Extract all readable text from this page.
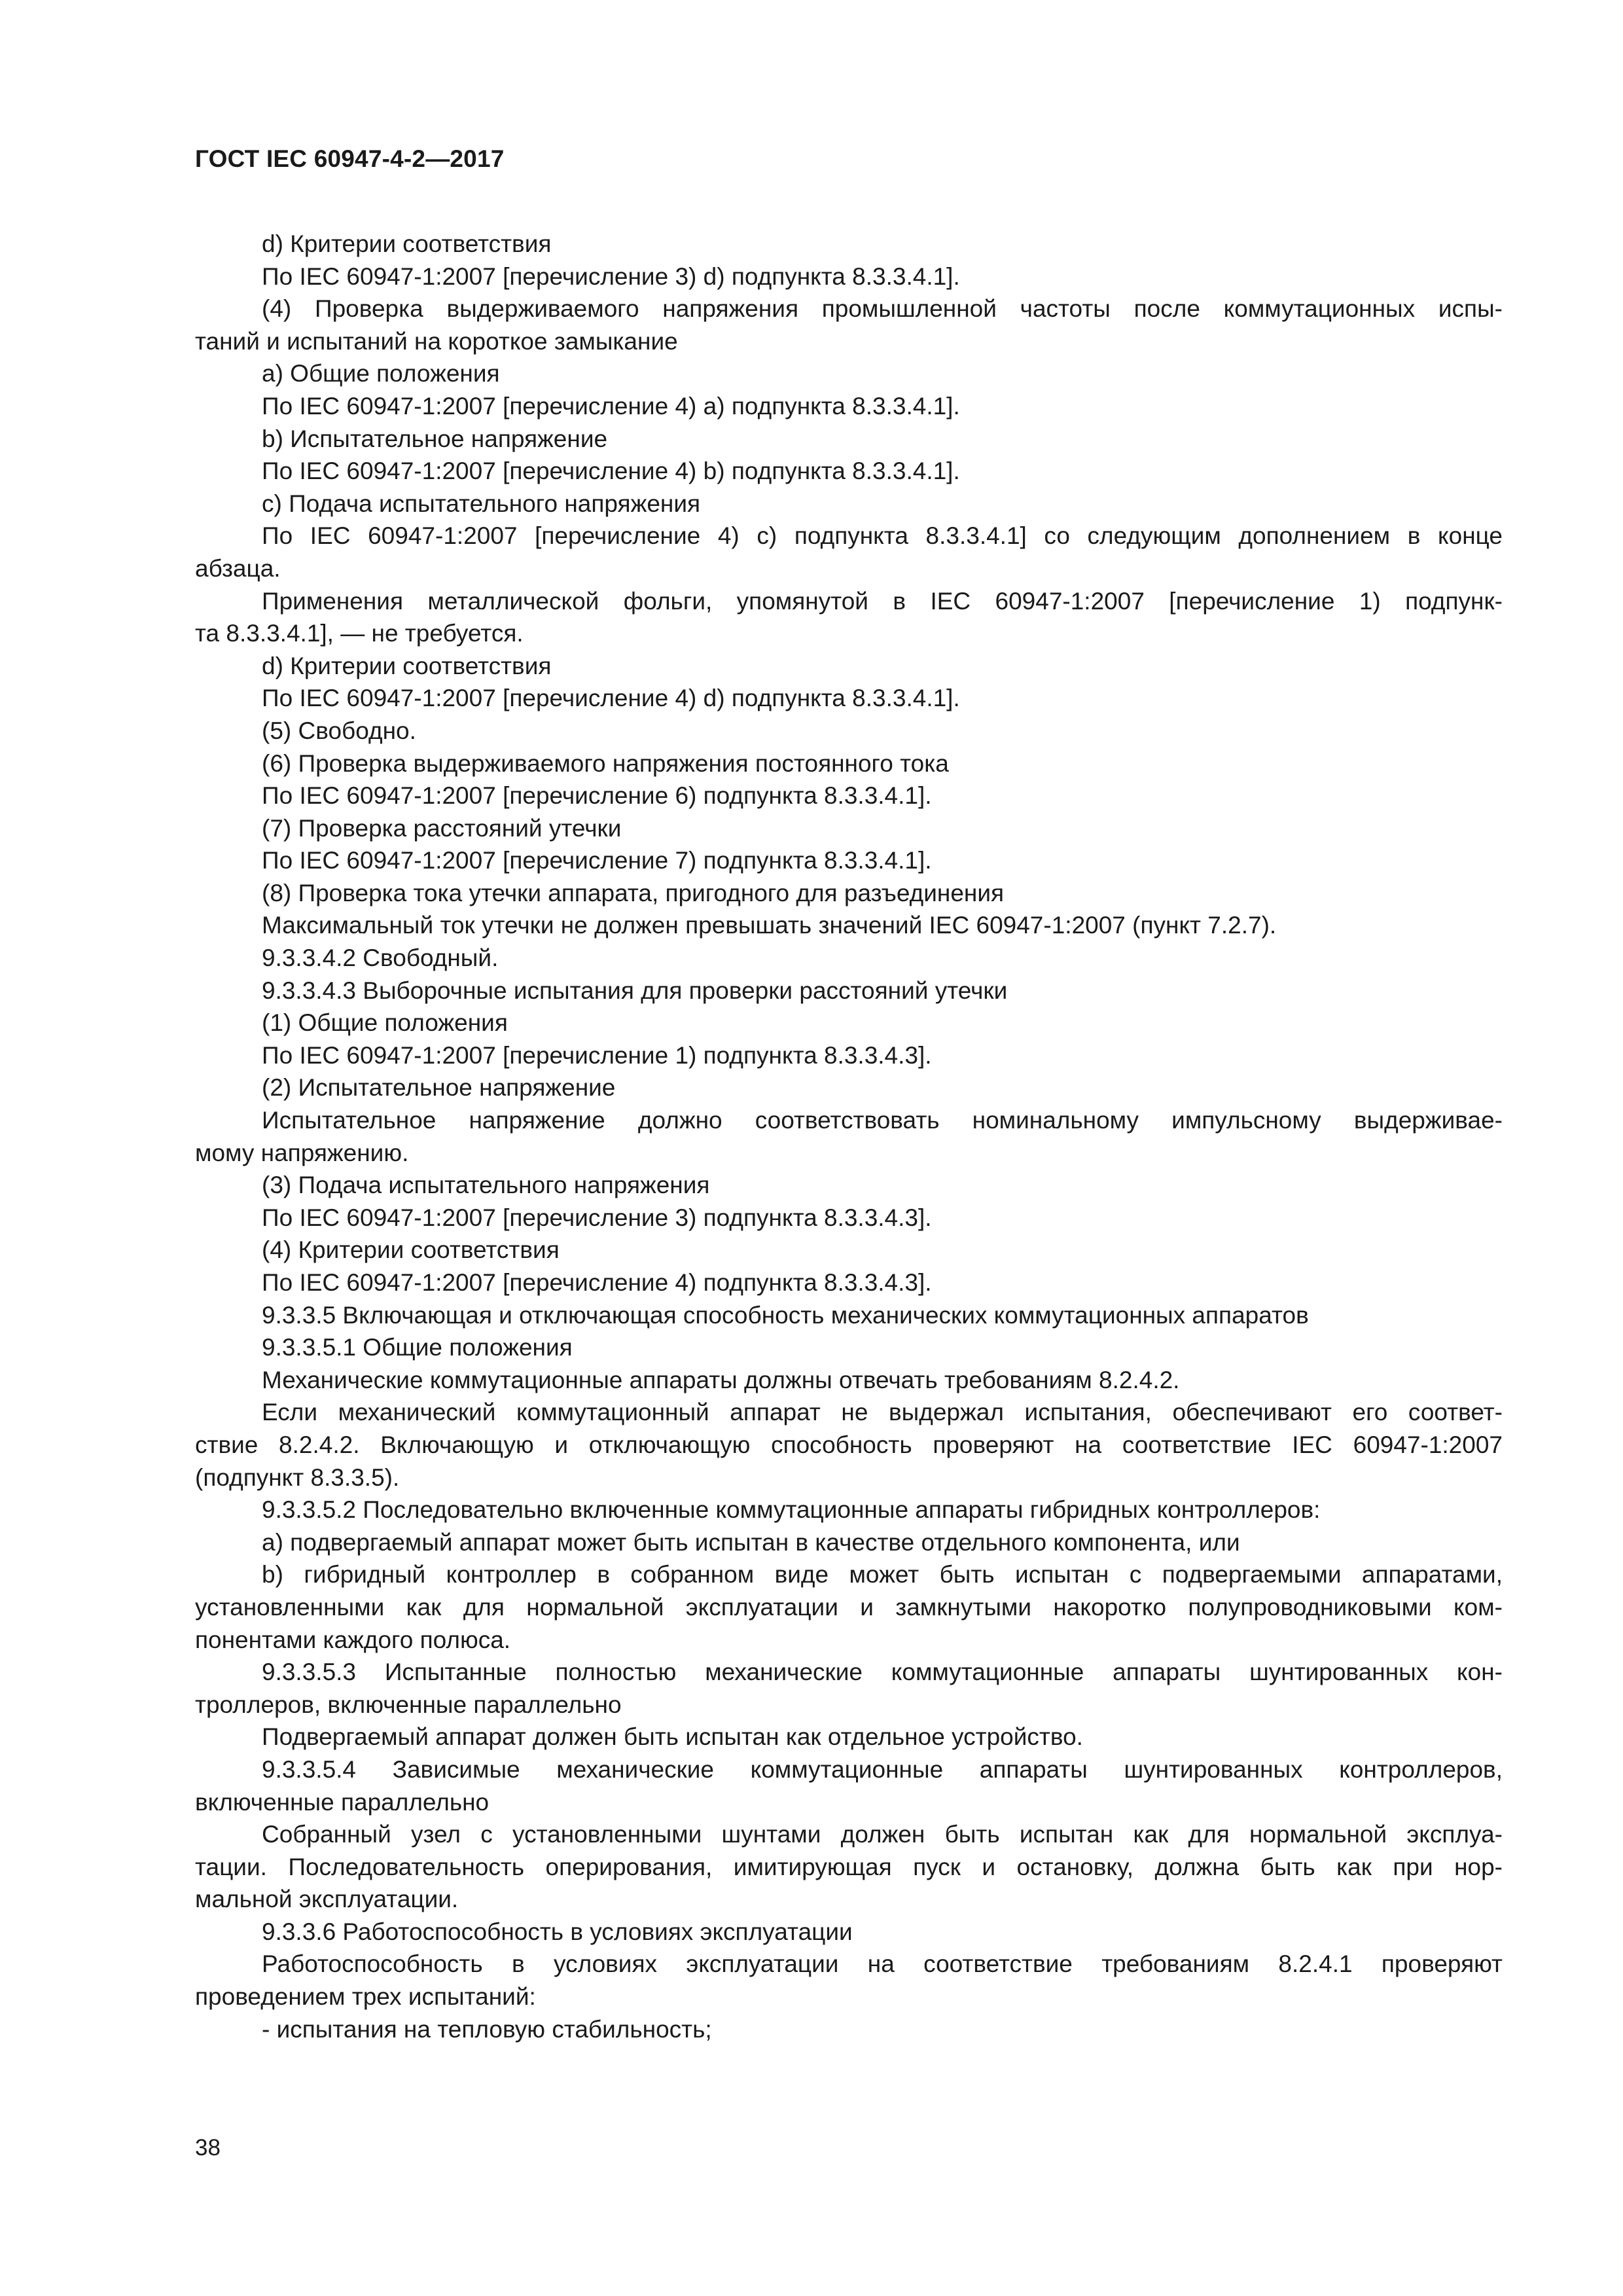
ГОСТ IEC 60947-4-2—2017
d) Критерии соответствия
По IEC 60947-1:2007 [перечисление 3) d) подпункта 8.3.3.4.1].
(4) Проверка выдерживаемого напряжения промышленной частоты после коммутационных испы-
таний и испытаний на короткое замыкание
a) Общие положения
По IEC 60947-1:2007 [перечисление 4) a) подпункта 8.3.3.4.1].
b) Испытательное напряжение
По IEC 60947-1:2007 [перечисление 4) b) подпункта 8.3.3.4.1].
c) Подача испытательного напряжения
По IEC 60947-1:2007 [перечисление 4) c) подпункта 8.3.3.4.1] со следующим дополнением в конце
абзаца.
Применения металлической фольги, упомянутой в IEC 60947-1:2007 [перечисление 1) подпунк-
та 8.3.3.4.1], — не требуется.
d) Критерии соответствия
По IEC 60947-1:2007 [перечисление 4) d) подпункта 8.3.3.4.1].
(5) Свободно.
(6) Проверка выдерживаемого напряжения постоянного тока
По IEC 60947-1:2007 [перечисление 6) подпункта 8.3.3.4.1].
(7) Проверка расстояний утечки
По IEC 60947-1:2007 [перечисление 7) подпункта 8.3.3.4.1].
(8) Проверка тока утечки аппарата, пригодного для разъединения
Максимальный ток утечки не должен превышать значений IEC 60947-1:2007 (пункт 7.2.7).
9.3.3.4.2 Свободный.
9.3.3.4.3 Выборочные испытания для проверки расстояний утечки
(1) Общие положения
По IEC 60947-1:2007 [перечисление 1) подпункта 8.3.3.4.3].
(2) Испытательное напряжение
Испытательное напряжение должно соответствовать номинальному импульсному выдерживае-
мому напряжению.
(3) Подача испытательного напряжения
По IEC 60947-1:2007 [перечисление 3) подпункта 8.3.3.4.3].
(4) Критерии соответствия
По IEC 60947-1:2007 [перечисление 4) подпункта 8.3.3.4.3].
9.3.3.5 Включающая и отключающая способность механических коммутационных аппаратов
9.3.3.5.1 Общие положения
Механические коммутационные аппараты должны отвечать требованиям 8.2.4.2.
Если механический коммутационный аппарат не выдержал испытания, обеспечивают его соответ-
ствие 8.2.4.2. Включающую и отключающую способность проверяют на соответствие IEC 60947-1:2007
(подпункт 8.3.3.5).
9.3.3.5.2 Последовательно включенные коммутационные аппараты гибридных контроллеров:
a) подвергаемый аппарат может быть испытан в качестве отдельного компонента, или
b) гибридный контроллер в собранном виде может быть испытан с подвергаемыми аппаратами,
установленными как для нормальной эксплуатации и замкнутыми накоротко полупроводниковыми ком-
понентами каждого полюса.
9.3.3.5.3 Испытанные полностью механические коммутационные аппараты шунтированных кон-
троллеров, включенные параллельно
Подвергаемый аппарат должен быть испытан как отдельное устройство.
9.3.3.5.4 Зависимые механические коммутационные аппараты шунтированных контроллеров,
включенные параллельно
Собранный узел с установленными шунтами должен быть испытан как для нормальной эксплуа-
тации. Последовательность оперирования, имитирующая пуск и остановку, должна быть как при нор-
мальной эксплуатации.
9.3.3.6 Работоспособность в условиях эксплуатации
Работоспособность в условиях эксплуатации на соответствие требованиям 8.2.4.1 проверяют
проведением трех испытаний:
- испытания на тепловую стабильность;
38
